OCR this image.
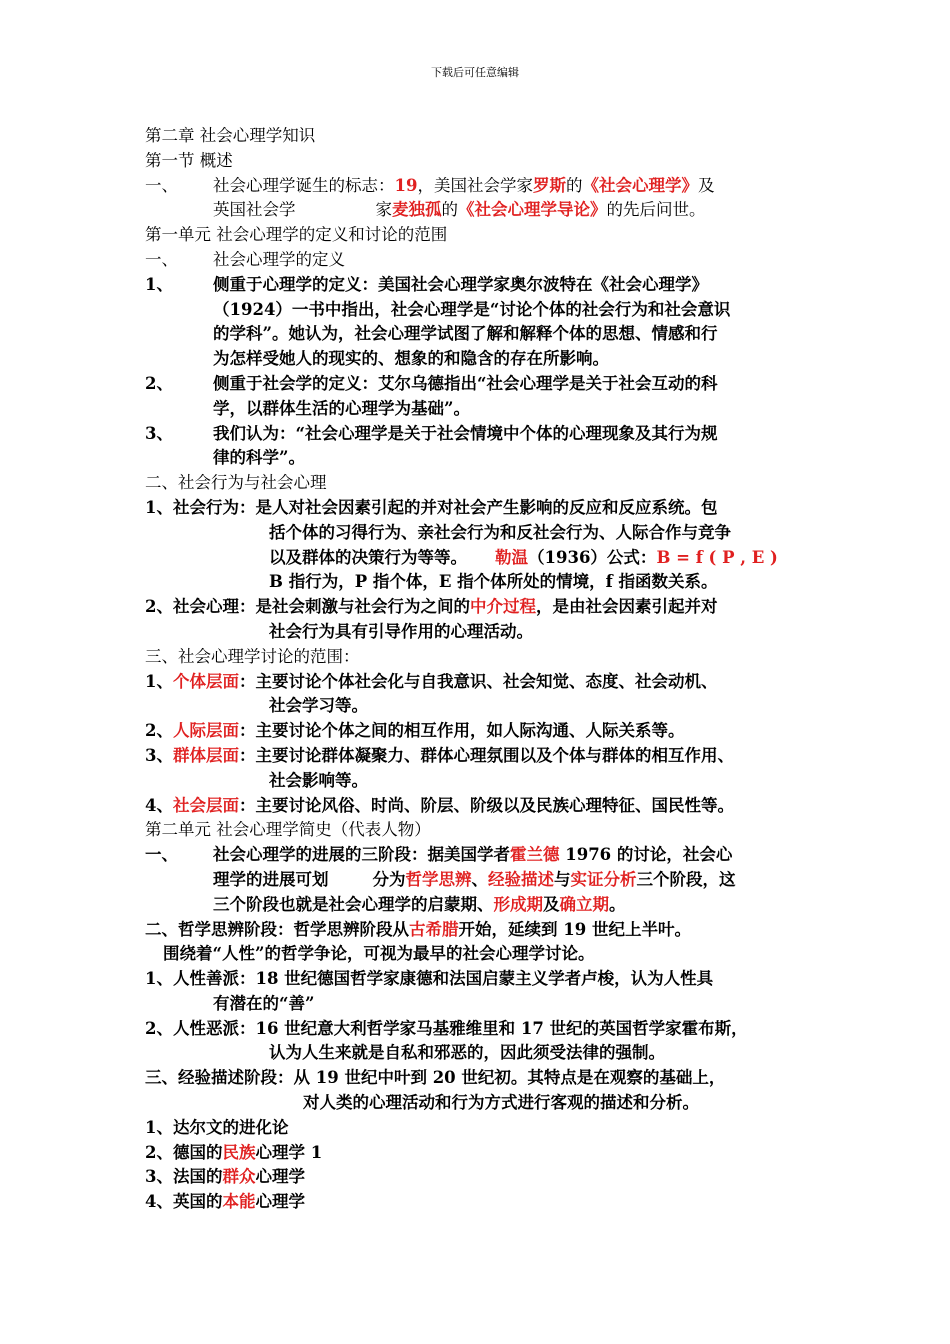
下载后可任意编辑
第二章 社会心理学知识
第一节 概述
一、 社会心理学诞生的标志：19，美国社会学家罗斯的《社会心理学》及
英国社会学	家麦独孤的《社会心理学导论》的先后问世。
第一单元 社会心理学的定义和讨论的范围
一、 社会心理学的定义
1、 侧重于心理学的定义：美国社会心理学家奥尔波特在《社会心理学》
（1924）一书中指出，社会心理学是“讨论个体的社会行为和社会意识
的学科”。她认为，社会心理学试图了解和解释个体的思想、情感和行
为怎样受她人的现实的、想象的和隐含的存在所影响。
2、 侧重于社会学的定义：艾尔乌德指出“社会心理学是关于社会互动的科
学，以群体生活的心理学为基础”。
3、 我们认为：“社会心理学是关于社会情境中个体的心理现象及其行为规
律的科学”。
二、社会行为与社会心理
1、社会行为：是人对社会因素引起的并对社会产生影响的反应和反应系统。包
括个体的习得行为、亲社会行为和反社会行为、人际合作与竞争
以及群体的决策行为等等。 勒温（1936）公式：B = f ( P , E )
B 指行为，P 指个体，E 指个体所处的情境，f 指函数关系。
2、社会心理：是社会刺激与社会行为之间的中介过程，是由社会因素引起并对
社会行为具有引导作用的心理活动。
三、社会心理学讨论的范围：
1、个体层面：主要讨论个体社会化与自我意识、社会知觉、态度、社会动机、
社会学习等。
2、人际层面：主要讨论个体之间的相互作用，如人际沟通、人际关系等。
3、群体层面：主要讨论群体凝聚力、群体心理氛围以及个体与群体的相互作用、
社会影响等。
4、社会层面：主要讨论风俗、时尚、阶层、阶级以及民族心理特征、国民性等。
第二单元 社会心理学简史（代表人物）
一、 社会心理学的进展的三阶段：据美国学者霍兰德 1976 的讨论，社会心
理学的进展可划	分为哲学思辨、经验描述与实证分析三个阶段，这
三个阶段也就是社会心理学的启蒙期、形成期及确立期。
二、哲学思辨阶段：哲学思辨阶段从古希腊开始，延续到 19 世纪上半叶。
围绕着“人性”的哲学争论，可视为最早的社会心理学讨论。
1、人性善派：18 世纪德国哲学家康德和法国启蒙主义学者卢梭，认为人性具
有潜在的“善”
2、人性恶派：16 世纪意大利哲学家马基雅维里和 17 世纪的英国哲学家霍布斯，
认为人生来就是自私和邪恶的，因此须受法律的强制。
三、经验描述阶段：从 19 世纪中叶到 20 世纪初。其特点是在观察的基础上，
对人类的心理活动和行为方式进行客观的描述和分析。
1、达尔文的进化论
2、德国的民族心理学 1
3、法国的群众心理学
4、英国的本能心理学
